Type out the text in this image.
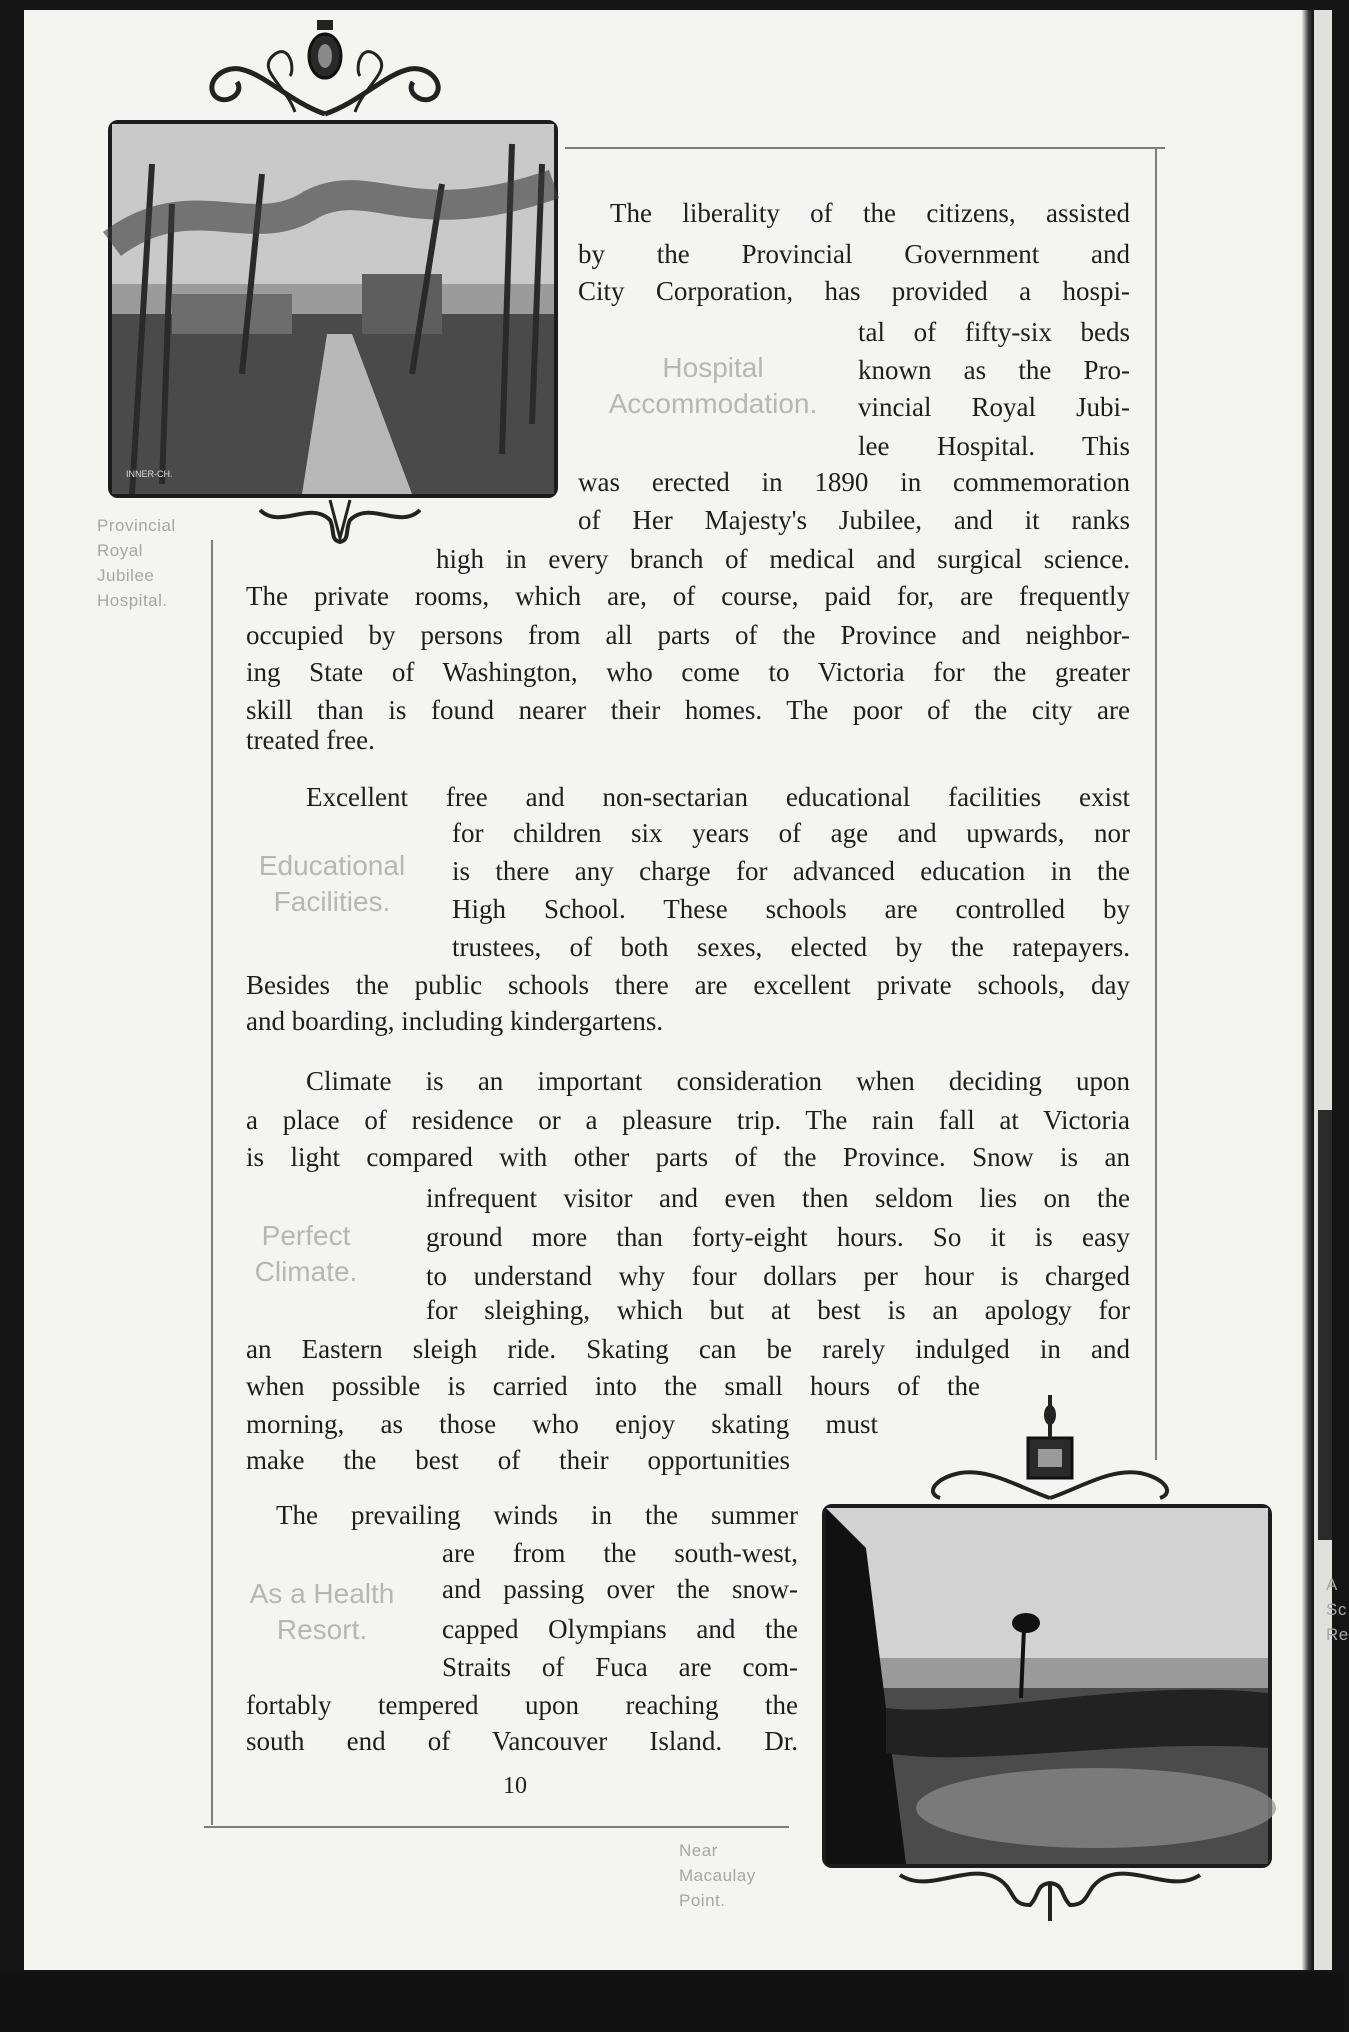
A
Sc
Re
INNER-CH.
Provincial
Royal
Jubilee
Hospital.
Near
Macaulay
Point.
Hospital
Accommodation.
Educational
Facilities.
Perfect
Climate.
As a Health
Resort.
The liberality of the citizens, assisted
by the Provincial Government and
City Corporation, has provided a hospi-
tal of fifty-six beds
known as the Pro-
vincial Royal Jubi-
lee Hospital. This
was erected in 1890 in commemoration
of Her Majesty's Jubilee, and it ranks
high in every branch of medical and surgical science.
The private rooms, which are, of course, paid for, are frequently
occupied by persons from all parts of the Province and neighbor-
ing State of Washington, who come to Victoria for the greater
skill than is found nearer their homes. The poor of the city are
treated free.
Excellent free and non-sectarian educational facilities exist
for children six years of age and upwards, nor
is there any charge for advanced education in the
High School. These schools are controlled by
trustees, of both sexes, elected by the ratepayers.
Besides the public schools there are excellent private schools, day
and boarding, including kindergartens.
Climate is an important consideration when deciding upon
a place of residence or a pleasure trip. The rain fall at Victoria
is light compared with other parts of the Province. Snow is an
infrequent visitor and even then seldom lies on the
ground more than forty-eight hours. So it is easy
to understand why four dollars per hour is charged
for sleighing, which but at best is an apology for
an Eastern sleigh ride. Skating can be rarely indulged in and
when possible is carried into the small hours of the
morning, as those who enjoy skating must
make the best of their opportunities
The prevailing winds in the summer
are from the south-west,
and passing over the snow-
capped Olympians and the
Straits of Fuca are com-
fortably tempered upon reaching the
south end of Vancouver Island. Dr.
10
